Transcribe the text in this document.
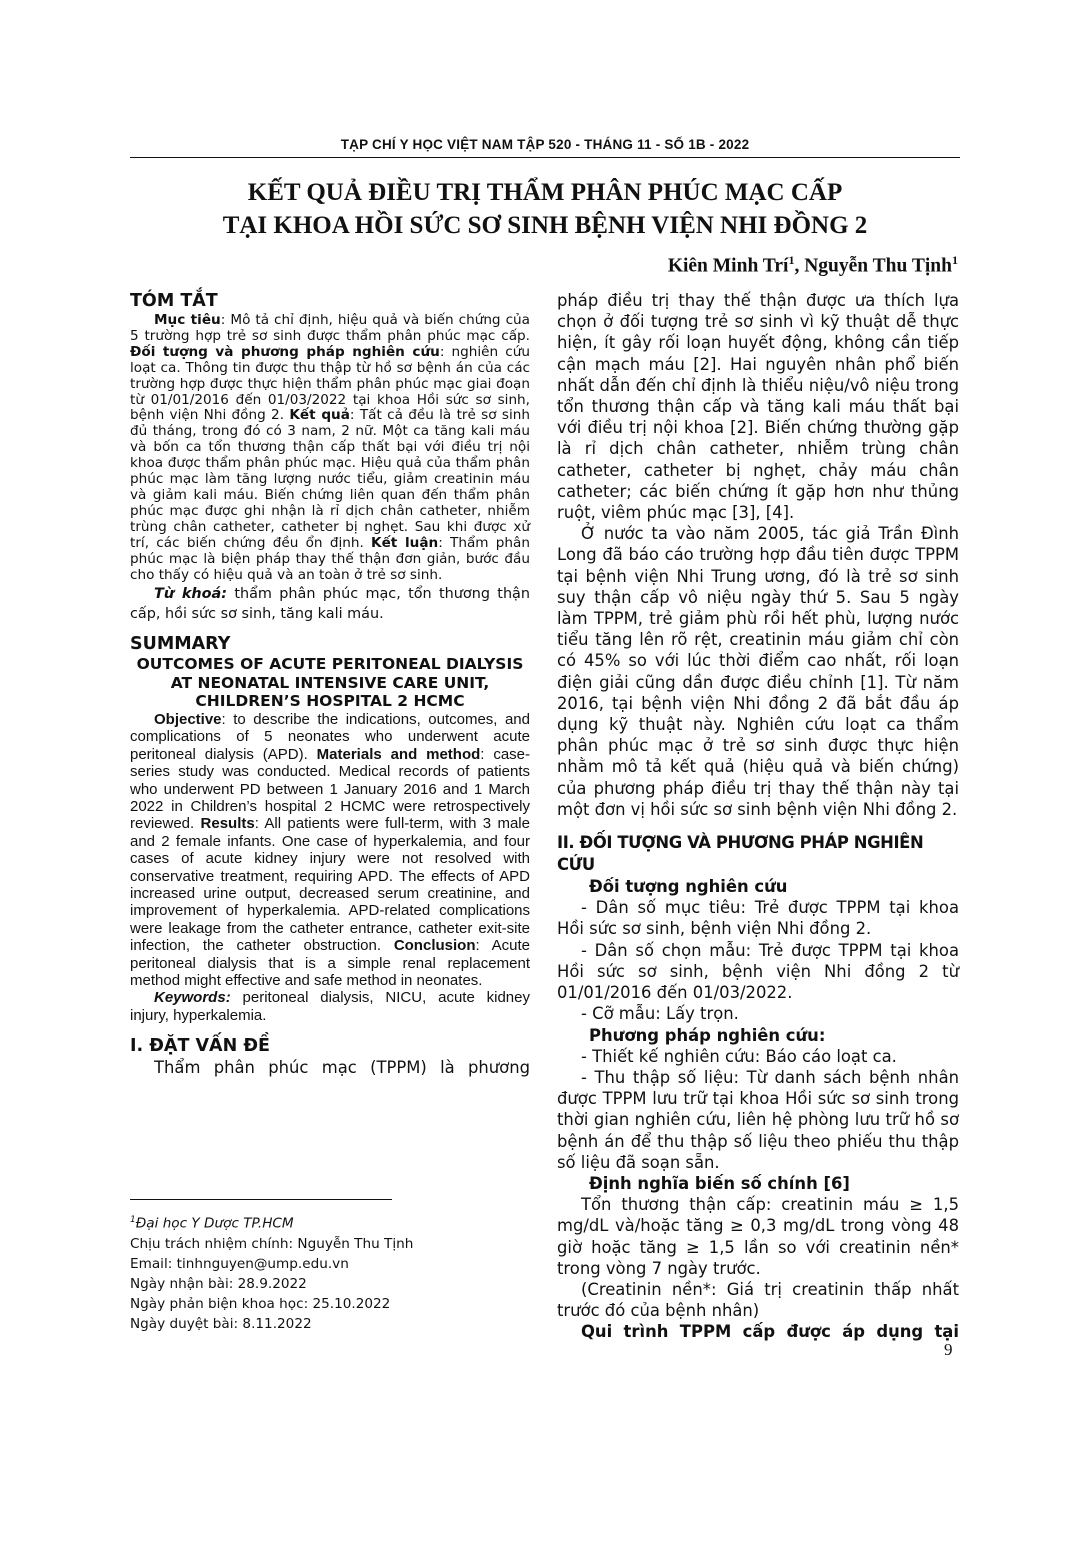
TẠP CHÍ Y HỌC VIỆT NAM TẬP 520 - THÁNG 11 - SỐ 1B - 2022
KẾT QUẢ ĐIỀU TRỊ THẨM PHÂN PHÚC MẠC CẤP
TẠI KHOA HỒI SỨC SƠ SINH BỆNH VIỆN NHI ĐỒNG 2
Kiên Minh Trí$^1$, Nguyễn Thu Tịnh$^1$
TÓM TẮT

Mục tiêu: Mô tả chỉ định, hiệu quả và biến chứng của 5 trường hợp trẻ sơ sinh được thẩm phân phúc mạc cấp. Đối tượng và phương pháp nghiên cứu: nghiên cứu loạt ca. Thông tin được thu thập từ hồ sơ bệnh án của các trường hợp được thực hiện thẩm phân phúc mạc giai đoạn từ 01/01/2016 đến 01/03/2022 tại khoa Hồi sức sơ sinh, bệnh viện Nhi đồng 2. Kết quả: Tất cả đều là trẻ sơ sinh đủ tháng, trong đó có 3 nam, 2 nữ. Một ca tăng kali máu và bốn ca tổn thương thận cấp thất bại với điều trị nội khoa được thẩm phân phúc mạc. Hiệu quả của thẩm phân phúc mạc làm tăng lượng nước tiểu, giảm creatinin máu và giảm kali máu. Biến chứng liên quan đến thẩm phân phúc mạc được ghi nhận là rỉ dịch chân catheter, nhiễm trùng chân catheter, catheter bị nghẹt. Sau khi được xử trí, các biến chứng đều ổn định. Kết luận: Thẩm phân phúc mạc là biện pháp thay thế thận đơn giản, bước đầu cho thấy có hiệu quả và an toàn ở trẻ sơ sinh.

Từ khoá: thẩm phân phúc mạc, tổn thương thận cấp, hồi sức sơ sinh, tăng kali máu.

SUMMARY
OUTCOMES OF ACUTE PERITONEAL DIALYSIS AT NEONATAL INTENSIVE CARE UNIT, CHILDREN’S HOSPITAL 2 HCMC

Objective: to describe the indications, outcomes, and complications of 5 neonates who underwent acute peritoneal dialysis (APD). Materials and method: case-series study was conducted. Medical records of patients who underwent PD between 1 January 2016 and 1 March 2022 in Children’s hospital 2 HCMC were retrospectively reviewed. Results: All patients were full-term, with 3 male and 2 female infants. One case of hyperkalemia, and four cases of acute kidney injury were not resolved with conservative treatment, requiring APD. The effects of APD increased urine output, decreased serum creatinine, and improvement of hyperkalemia. APD-related complications were leakage from the catheter entrance, catheter exit-site infection, the catheter obstruction. Conclusion: Acute peritoneal dialysis that is a simple renal replacement method might effective and safe method in neonates.

Keywords: peritoneal dialysis, NICU, acute kidney injury, hyperkalemia.

I. ĐẶT VẤN ĐỀ

Thẩm phân phúc mạc (TPPM) là phương

$^1$Đại học Y Dược TP.HCM
Chịu trách nhiệm chính: Nguyễn Thu Tịnh
Email: tinhnguyen@ump.edu.vn
Ngày nhận bài: 28.9.2022
Ngày phản biện khoa học: 25.10.2022
Ngày duyệt bài: 8.11.2022

pháp điều trị thay thế thận được ưa thích lựa chọn ở đối tượng trẻ sơ sinh vì kỹ thuật dễ thực hiện, ít gây rối loạn huyết động, không cần tiếp cận mạch máu [2]. Hai nguyên nhân phổ biến nhất dẫn đến chỉ định là thiểu niệu/vô niệu trong tổn thương thận cấp và tăng kali máu thất bại với điều trị nội khoa [2]. Biến chứng thường gặp là rỉ dịch chân catheter, nhiễm trùng chân catheter, catheter bị nghẹt, chảy máu chân catheter; các biến chứng ít gặp hơn như thủng ruột, viêm phúc mạc [3], [4].

Ở nước ta vào năm 2005, tác giả Trần Đình Long đã báo cáo trường hợp đầu tiên được TPPM tại bệnh viện Nhi Trung ương, đó là trẻ sơ sinh suy thận cấp vô niệu ngày thứ 5. Sau 5 ngày làm TPPM, trẻ giảm phù rồi hết phù, lượng nước tiểu tăng lên rõ rệt, creatinin máu giảm chỉ còn có 45% so với lúc thời điểm cao nhất, rối loạn điện giải cũng dần được điều chỉnh [1]. Từ năm 2016, tại bệnh viện Nhi đồng 2 đã bắt đầu áp dụng kỹ thuật này. Nghiên cứu loạt ca thẩm phân phúc mạc ở trẻ sơ sinh được thực hiện nhằm mô tả kết quả (hiệu quả và biến chứng) của phương pháp điều trị thay thế thận này tại một đơn vị hồi sức sơ sinh bệnh viện Nhi đồng 2.

II. ĐỐI TƯỢNG VÀ PHƯƠNG PHÁP NGHIÊN CỨU
Đối tượng nghiên cứu

- Dân số mục tiêu: Trẻ được TPPM tại khoa Hồi sức sơ sinh, bệnh viện Nhi đồng 2.

- Dân số chọn mẫu: Trẻ được TPPM tại khoa Hồi sức sơ sinh, bệnh viện Nhi đồng 2 từ 01/01/2016 đến 01/03/2022.

- Cỡ mẫu: Lấy trọn.

Phương pháp nghiên cứu:

- Thiết kế nghiên cứu: Báo cáo loạt ca.

- Thu thập số liệu: Từ danh sách bệnh nhân được TPPM lưu trữ tại khoa Hồi sức sơ sinh trong thời gian nghiên cứu, liên hệ phòng lưu trữ hồ sơ bệnh án để thu thập số liệu theo phiếu thu thập số liệu đã soạn sẵn.

Định nghĩa biến số chính [6]

Tổn thương thận cấp: creatinin máu ≥ 1,5 mg/dL và/hoặc tăng ≥ 0,3 mg/dL trong vòng 48 giờ hoặc tăng ≥ 1,5 lần so với creatinin nền* trong vòng 7 ngày trước.

(Creatinin nền*: Giá trị creatinin thấp nhất trước đó của bệnh nhân)

Qui trình TPPM cấp được áp dụng tại

9
